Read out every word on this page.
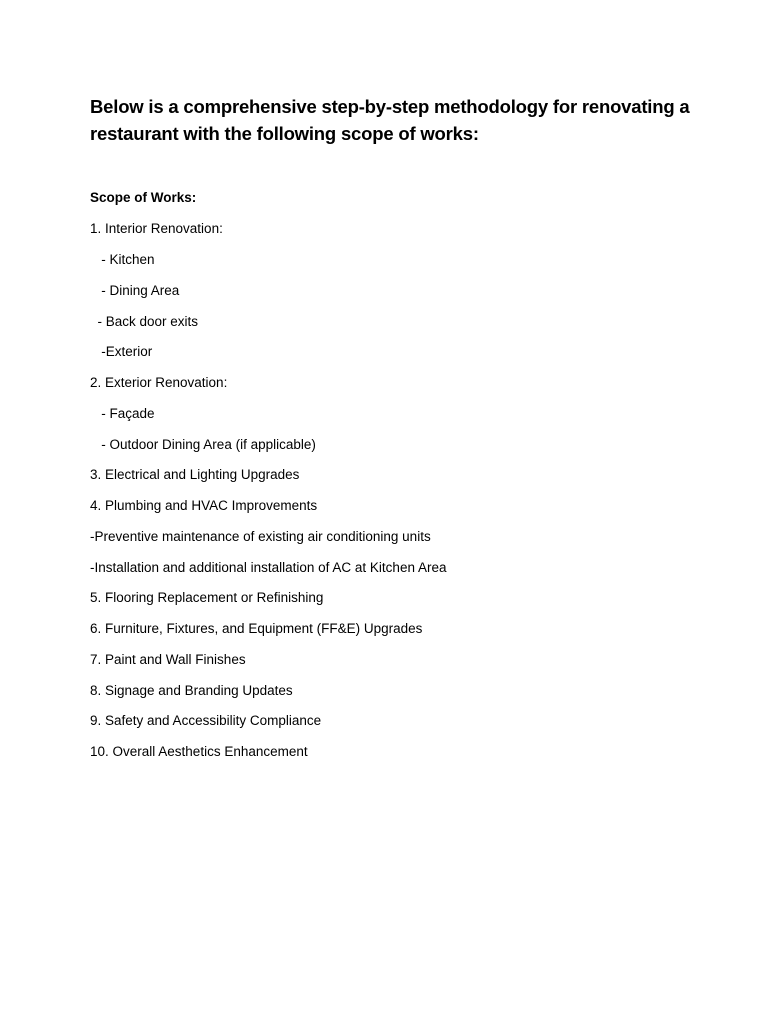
Below is a comprehensive step-by-step methodology for renovating a restaurant with the following scope of works:

Scope of Works:

1. Interior Renovation:

- Kitchen

- Dining Area

- Back door exits

-Exterior

2. Exterior Renovation:

- Façade

- Outdoor Dining Area (if applicable)

3. Electrical and Lighting Upgrades

4. Plumbing and HVAC Improvements

-Preventive maintenance of existing air conditioning units

-Installation and additional installation of AC at Kitchen Area

5. Flooring Replacement or Refinishing

6. Furniture, Fixtures, and Equipment (FF&E) Upgrades

7. Paint and Wall Finishes

8. Signage and Branding Updates

9. Safety and Accessibility Compliance

10. Overall Aesthetics Enhancement
